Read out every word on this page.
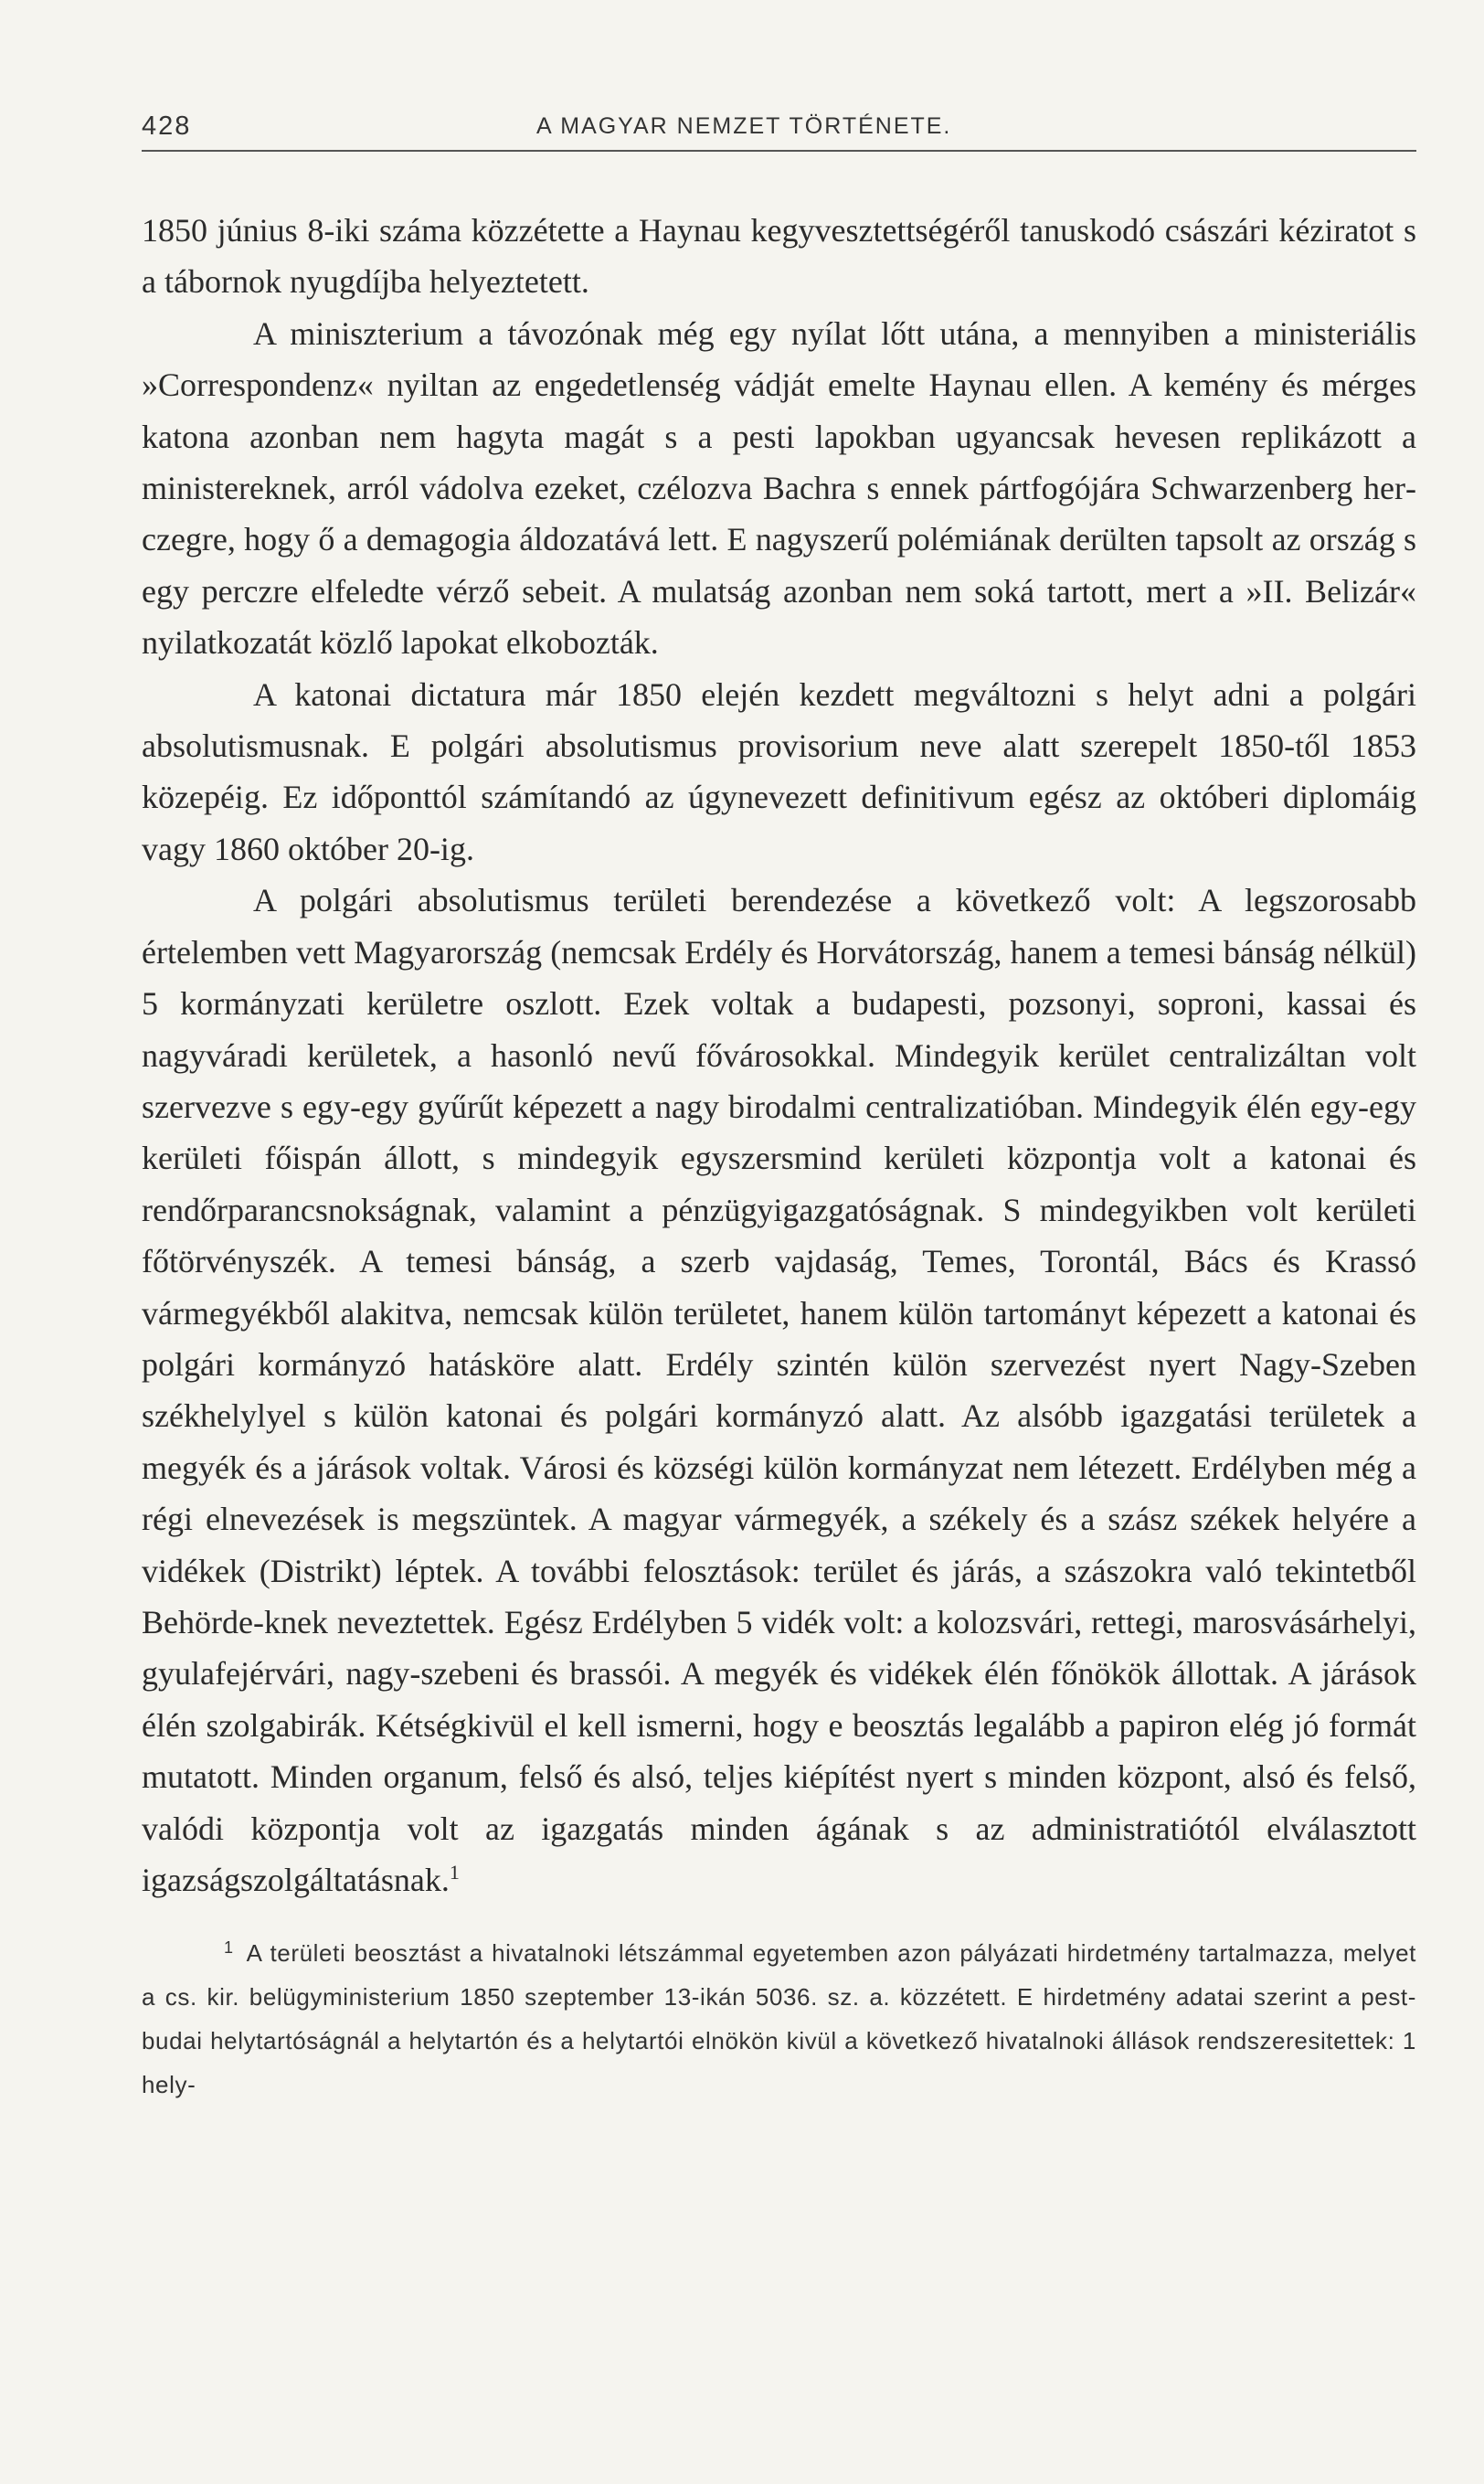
428	A MAGYAR NEMZET TÖRTÉNETE.

1850 június 8-iki száma közzétette a Haynau kegyvesztettségéről tanuskodó császári kéziratot s a tábornok nyugdíjba helyeztetett.

A miniszterium a távozónak még egy nyílat lőtt utána, a mennyiben a ministeriális »Correspondenz« nyiltan az engedetlenség vádját emelte Haynau ellen. A kemény és mérges katona azonban nem hagyta magát s a pesti lapokban ugyancsak hevesen replikázott a ministereknek, arról vádolva ezeket, czélozva Bachra s ennek pártfogójára Schwarzenberg herczegre, hogy ő a demagogia áldozatává lett. E nagyszerű polémiának derülten tapsolt az ország s egy perczre elfeledte vérző sebeit. A mulatság azonban nem soká tartott, mert a »II. Belizár« nyilatkozatát közlő lapokat elkobozták.

A katonai dictatura már 1850 elején kezdett megváltozni s helyt adni a polgári absolutismusnak. E polgári absolutismus provisorium neve alatt szerepelt 1850-től 1853 közepéig. Ez időponttól számítandó az úgynevezett definitivum egész az októberi diplomáig vagy 1860 október 20-ig.

A polgári absolutismus területi berendezése a következő volt: A legszorosabb értelemben vett Magyarország (nemcsak Erdély és Horvátország, hanem a temesi bánság nélkül) 5 kormányzati kerületre oszlott. Ezek voltak a budapesti, pozsonyi, soproni, kassai és nagyváradi kerületek, a hasonló nevű fővárosokkal. Mindegyik kerület centralizáltan volt szervezve s egy-egy gyűrűt képezett a nagy birodalmi centralizatióban. Mindegyik élén egy-egy kerületi főispán állott, s mindegyik egyszersmind kerületi központja volt a katonai és rendőrparancsnokságnak, valamint a pénzügyigazgatóságnak. S mindegyikben volt kerületi főtörvényszék. A temesi bánság, a szerb vajdaság, Temes, Torontál, Bács és Krassó vármegyékből alakitva, nemcsak külön területet, hanem külön tartományt képezett a katonai és polgári kormányzó hatásköre alatt. Erdély szintén külön szervezést nyert Nagy-Szeben székhelylyel s külön katonai és polgári kormányzó alatt. Az alsóbb igazgatási területek a megyék és a járások voltak. Városi és községi külön kormányzat nem létezett. Erdélyben még a régi elnevezések is megszüntek. A magyar vármegyék, a székely és a szász székek helyére a vidékek (Distrikt) léptek. A további felosztások: terület és járás, a szászokra való tekintetből Behörde-knek neveztettek. Egész Erdélyben 5 vidék volt: a kolozsvári, rettegi, marosvásárhelyi, gyulafejérvári, nagy-szebeni és brassói. A megyék és vidékek élén főnökök állottak. A járások élén szolgabirák. Kétségkivül el kell ismerni, hogy e beosztás legalább a papiron elég jó formát mutatott. Minden organum, felső és alsó, teljes kiépítést nyert s minden központ, alsó és felső, valódi központja volt az igazgatás minden ágának s az administratiótól elválasztott igazságszolgáltatásnak.$^1$

$^1$ A területi beosztást a hivatalnoki létszámmal egyetemben azon pályázati hirdetmény tartalmazza, melyet a cs. kir. belügyministerium 1850 szeptember 13-ikán 5036. sz. a. közzétett. E hirdetmény adatai szerint a pest-budai helytartóságnál a helytartón és a helytartói elnökön kivül a következő hivatalnoki állások rendszeresitettek: 1 hely-
